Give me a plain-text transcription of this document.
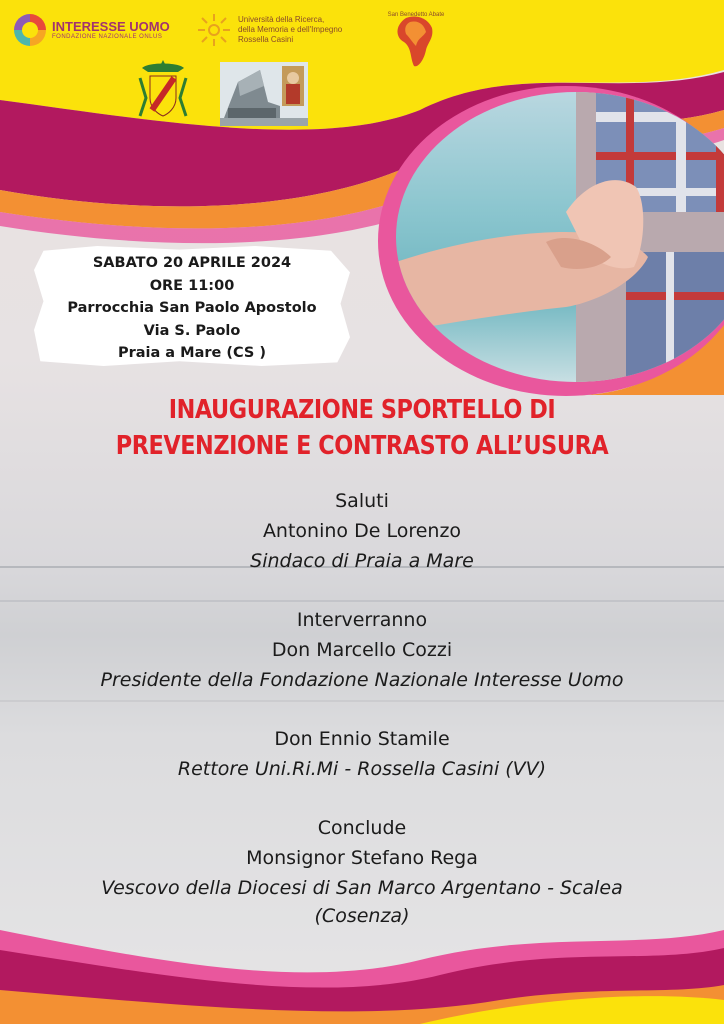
INTERESSE UOMO
FONDAZIONE NAZIONALE ONLUS
Università della Ricerca,
della Memoria e dell'Impegno
Rossella Casini
San Benedetto Abate
SABATO 20 APRILE 2024
ORE 11:00
Parrocchia San Paolo Apostolo
Via S. Paolo
Praia a Mare (CS )
INAUGURAZIONE SPORTELLO DI
PREVENZIONE E CONTRASTO ALL’USURA
Saluti
Antonino De Lorenzo
Sindaco di Praia a Mare
Interverranno
Don Marcello Cozzi
Presidente della Fondazione Nazionale Interesse Uomo
Don Ennio Stamile
Rettore Uni.Ri.Mi - Rossella Casini (VV)
Conclude
Monsignor Stefano Rega
Vescovo della Diocesi di San Marco Argentano - Scalea
(Cosenza)
